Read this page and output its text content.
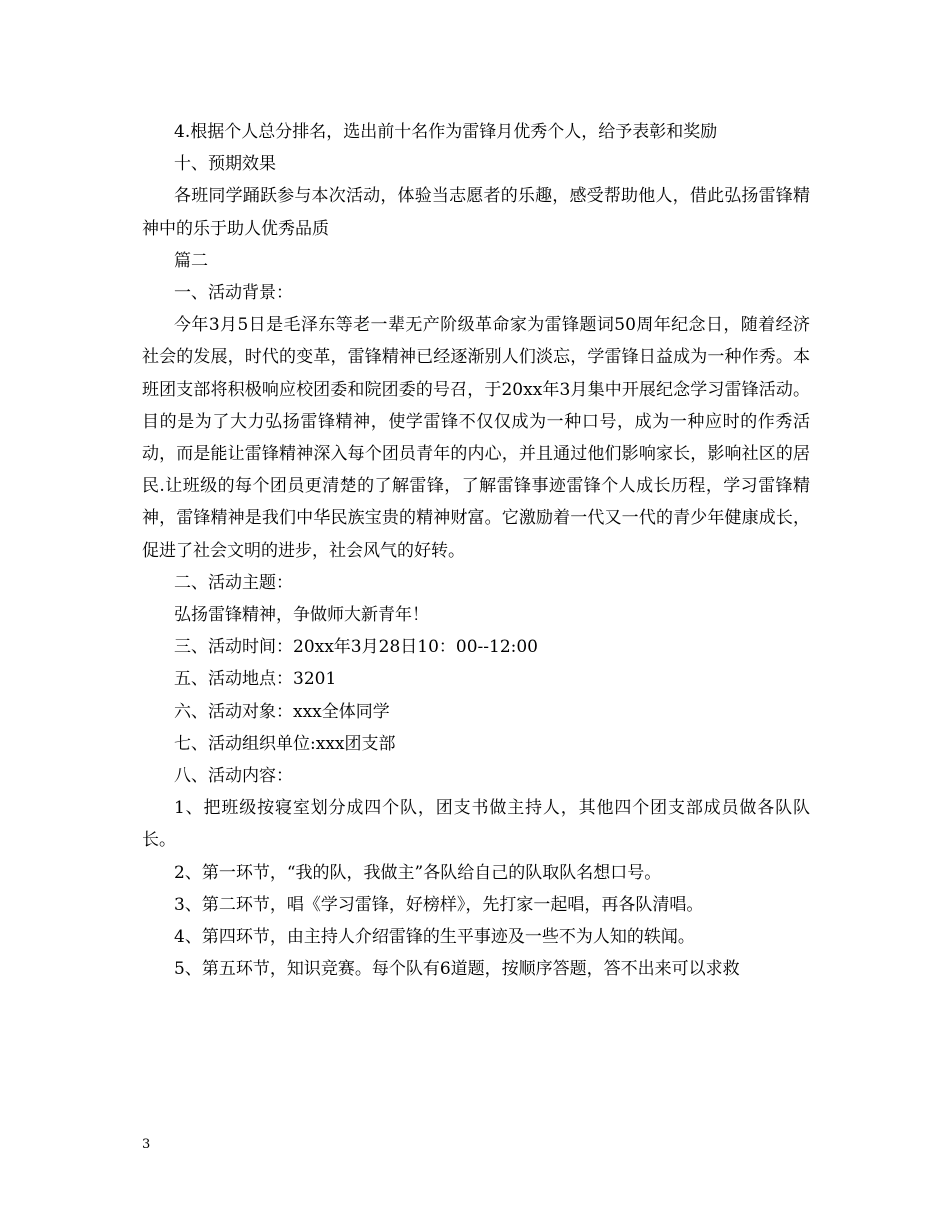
4.根据个人总分排名，选出前十名作为雷锋月优秀个人，给予表彰和奖励

十、预期效果

各班同学踊跃参与本次活动，体验当志愿者的乐趣，感受帮助他人，借此弘扬雷锋精神中的乐于助人优秀品质

篇二

一、活动背景：

今年3月5日是毛泽东等老一辈无产阶级革命家为雷锋题词50周年纪念日，随着经济社会的发展，时代的变革，雷锋精神已经逐渐别人们淡忘，学雷锋日益成为一种作秀。本班团支部将积极响应校团委和院团委的号召，于20xx年3月集中开展纪念学习雷锋活动。目的是为了大力弘扬雷锋精神，使学雷锋不仅仅成为一种口号，成为一种应时的作秀活动，而是能让雷锋精神深入每个团员青年的内心，并且通过他们影响家长，影响社区的居民.让班级的每个团员更清楚的了解雷锋，了解雷锋事迹雷锋个人成长历程，学习雷锋精神，雷锋精神是我们中华民族宝贵的精神财富。它激励着一代又一代的青少年健康成长，促进了社会文明的进步，社会风气的好转。

二、活动主题：

弘扬雷锋精神，争做师大新青年！

三、活动时间：20xx年3月28日10：00--12:00

五、活动地点：3201

六、活动对象：xxx全体同学

七、活动组织单位:xxx团支部

八、活动内容：

1、把班级按寝室划分成四个队，团支书做主持人，其他四个团支部成员做各队队长。

2、第一环节，“我的队，我做主”各队给自己的队取队名想口号。

3、第二环节，唱《学习雷锋，好榜样》，先打家一起唱，再各队清唱。

4、第四环节，由主持人介绍雷锋的生平事迹及一些不为人知的轶闻。

5、第五环节，知识竞赛。每个队有6道题，按顺序答题，答不出来可以求救

3
